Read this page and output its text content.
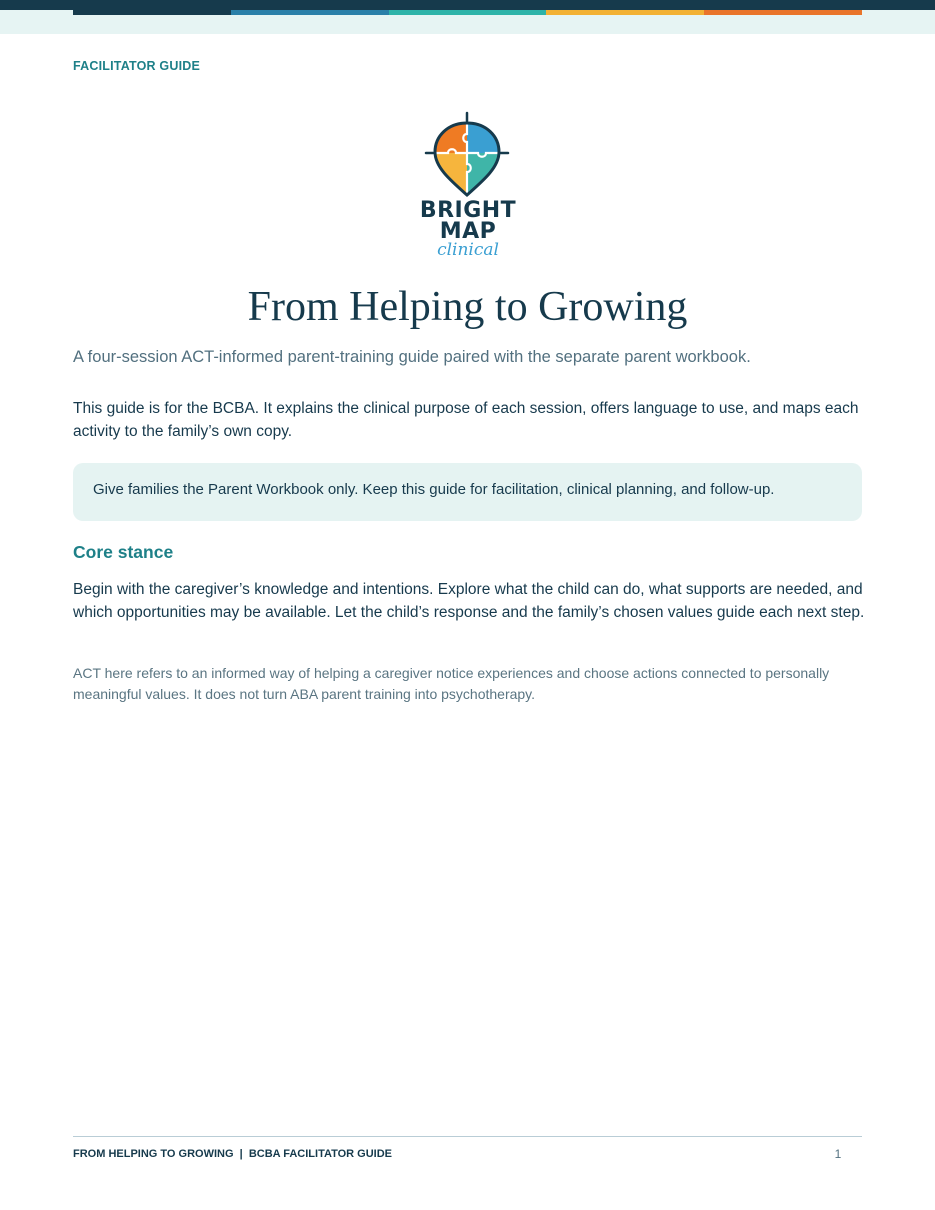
FACILITATOR GUIDE
BRIGHT
MAP
clinical
From Helping to Growing
A four-session ACT-informed parent-training guide paired with the separate parent workbook.
This guide is for the BCBA. It explains the clinical purpose of each session, offers language to use, and maps each activity to the family’s own copy.
Give families the Parent Workbook only. Keep this guide for facilitation, clinical planning, and follow-up.
Core stance
Begin with the caregiver’s knowledge and intentions. Explore what the child can do, what supports are needed, and which opportunities may be available. Let the child’s response and the family’s chosen values guide each next step.
ACT here refers to an informed way of helping a caregiver notice experiences and choose actions connected to personally meaningful values. It does not turn ABA parent training into psychotherapy.
FROM HELPING TO GROWING  |  BCBA FACILITATOR GUIDE	1
